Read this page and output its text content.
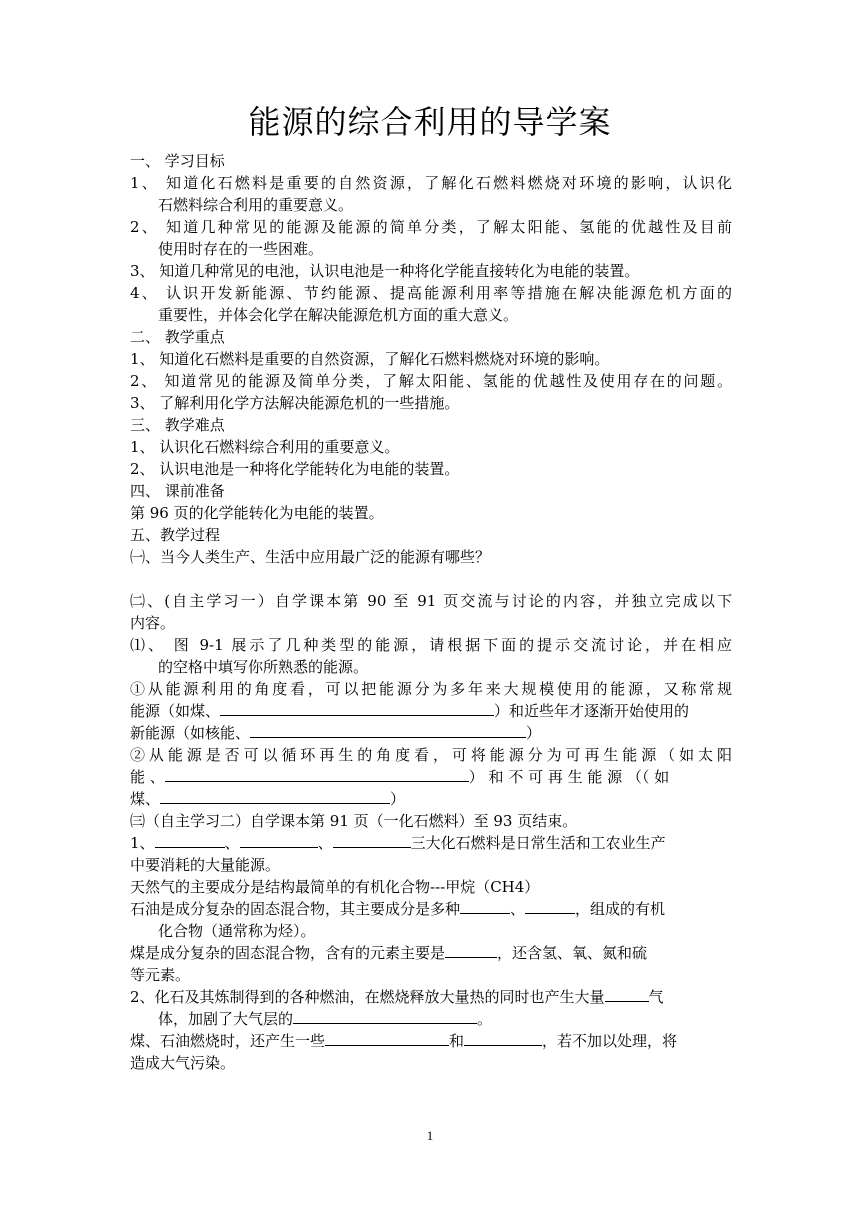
能源的综合利用的导学案
一、 学习目标
1、 知道化石燃料是重要的自然资源，了解化石燃料燃烧对环境的影响，认识化
石燃料综合利用的重要意义。
2、 知道几种常见的能源及能源的简单分类，了解太阳能、氢能的优越性及目前
使用时存在的一些困难。
3、 知道几种常见的电池，认识电池是一种将化学能直接转化为电能的装置。
4、 认识开发新能源、节约能源、提高能源利用率等措施在解决能源危机方面的
重要性，并体会化学在解决能源危机方面的重大意义。
二、 教学重点
1、 知道化石燃料是重要的自然资源，了解化石燃料燃烧对环境的影响。
2、 知道常见的能源及简单分类，了解太阳能、氢能的优越性及使用存在的问题。
3、 了解利用化学方法解决能源危机的一些措施。
三、 教学难点
1、 认识化石燃料综合利用的重要意义。
2、 认识电池是一种将化学能转化为电能的装置。
四、 课前准备
第 96 页的化学能转化为电能的装置。
五、教学过程
㈠、当今人类生产、生活中应用最广泛的能源有哪些？
㈡、(自主学习一）自学课本第 90 至 91 页交流与讨论的内容，并独立完成以下
内容。
⑴、 图 9-1 展示了几种类型的能源，请根据下面的提示交流讨论，并在相应
的空格中填写你所熟悉的能源。
①从能源利用的角度看，可以把能源分为多年来大规模使用的能源，又称常规
能源（如煤、	）和近些年才逐渐开始使用的
新能源（如核能、	）
②从能源是否可以循环再生的角度看，可将能源分为可再生能源（如太阳
能 、	） 和 不 可 再 生 能 源 （（ 如
煤、	）
㈢（自主学习二）自学课本第 91 页（一化石燃料）至 93 页结束。
1、	、	、	三大化石燃料是日常生活和工农业生产
中要消耗的大量能源。
天然气的主要成分是结构最简单的有机化合物---甲烷（CH4）
石油是成分复杂的固态混合物，其主要成分是多种	、	，组成的有机
化合物（通常称为烃）。
煤是成分复杂的固态混合物，含有的元素主要是	，还含氢、氧、氮和硫
等元素。
2、化石及其炼制得到的各种燃油，在燃烧释放大量热的同时也产生大量	气
体，加剧了大气层的	。
煤、石油燃烧时，还产生一些	和	，若不加以处理，将
造成大气污染。
1
